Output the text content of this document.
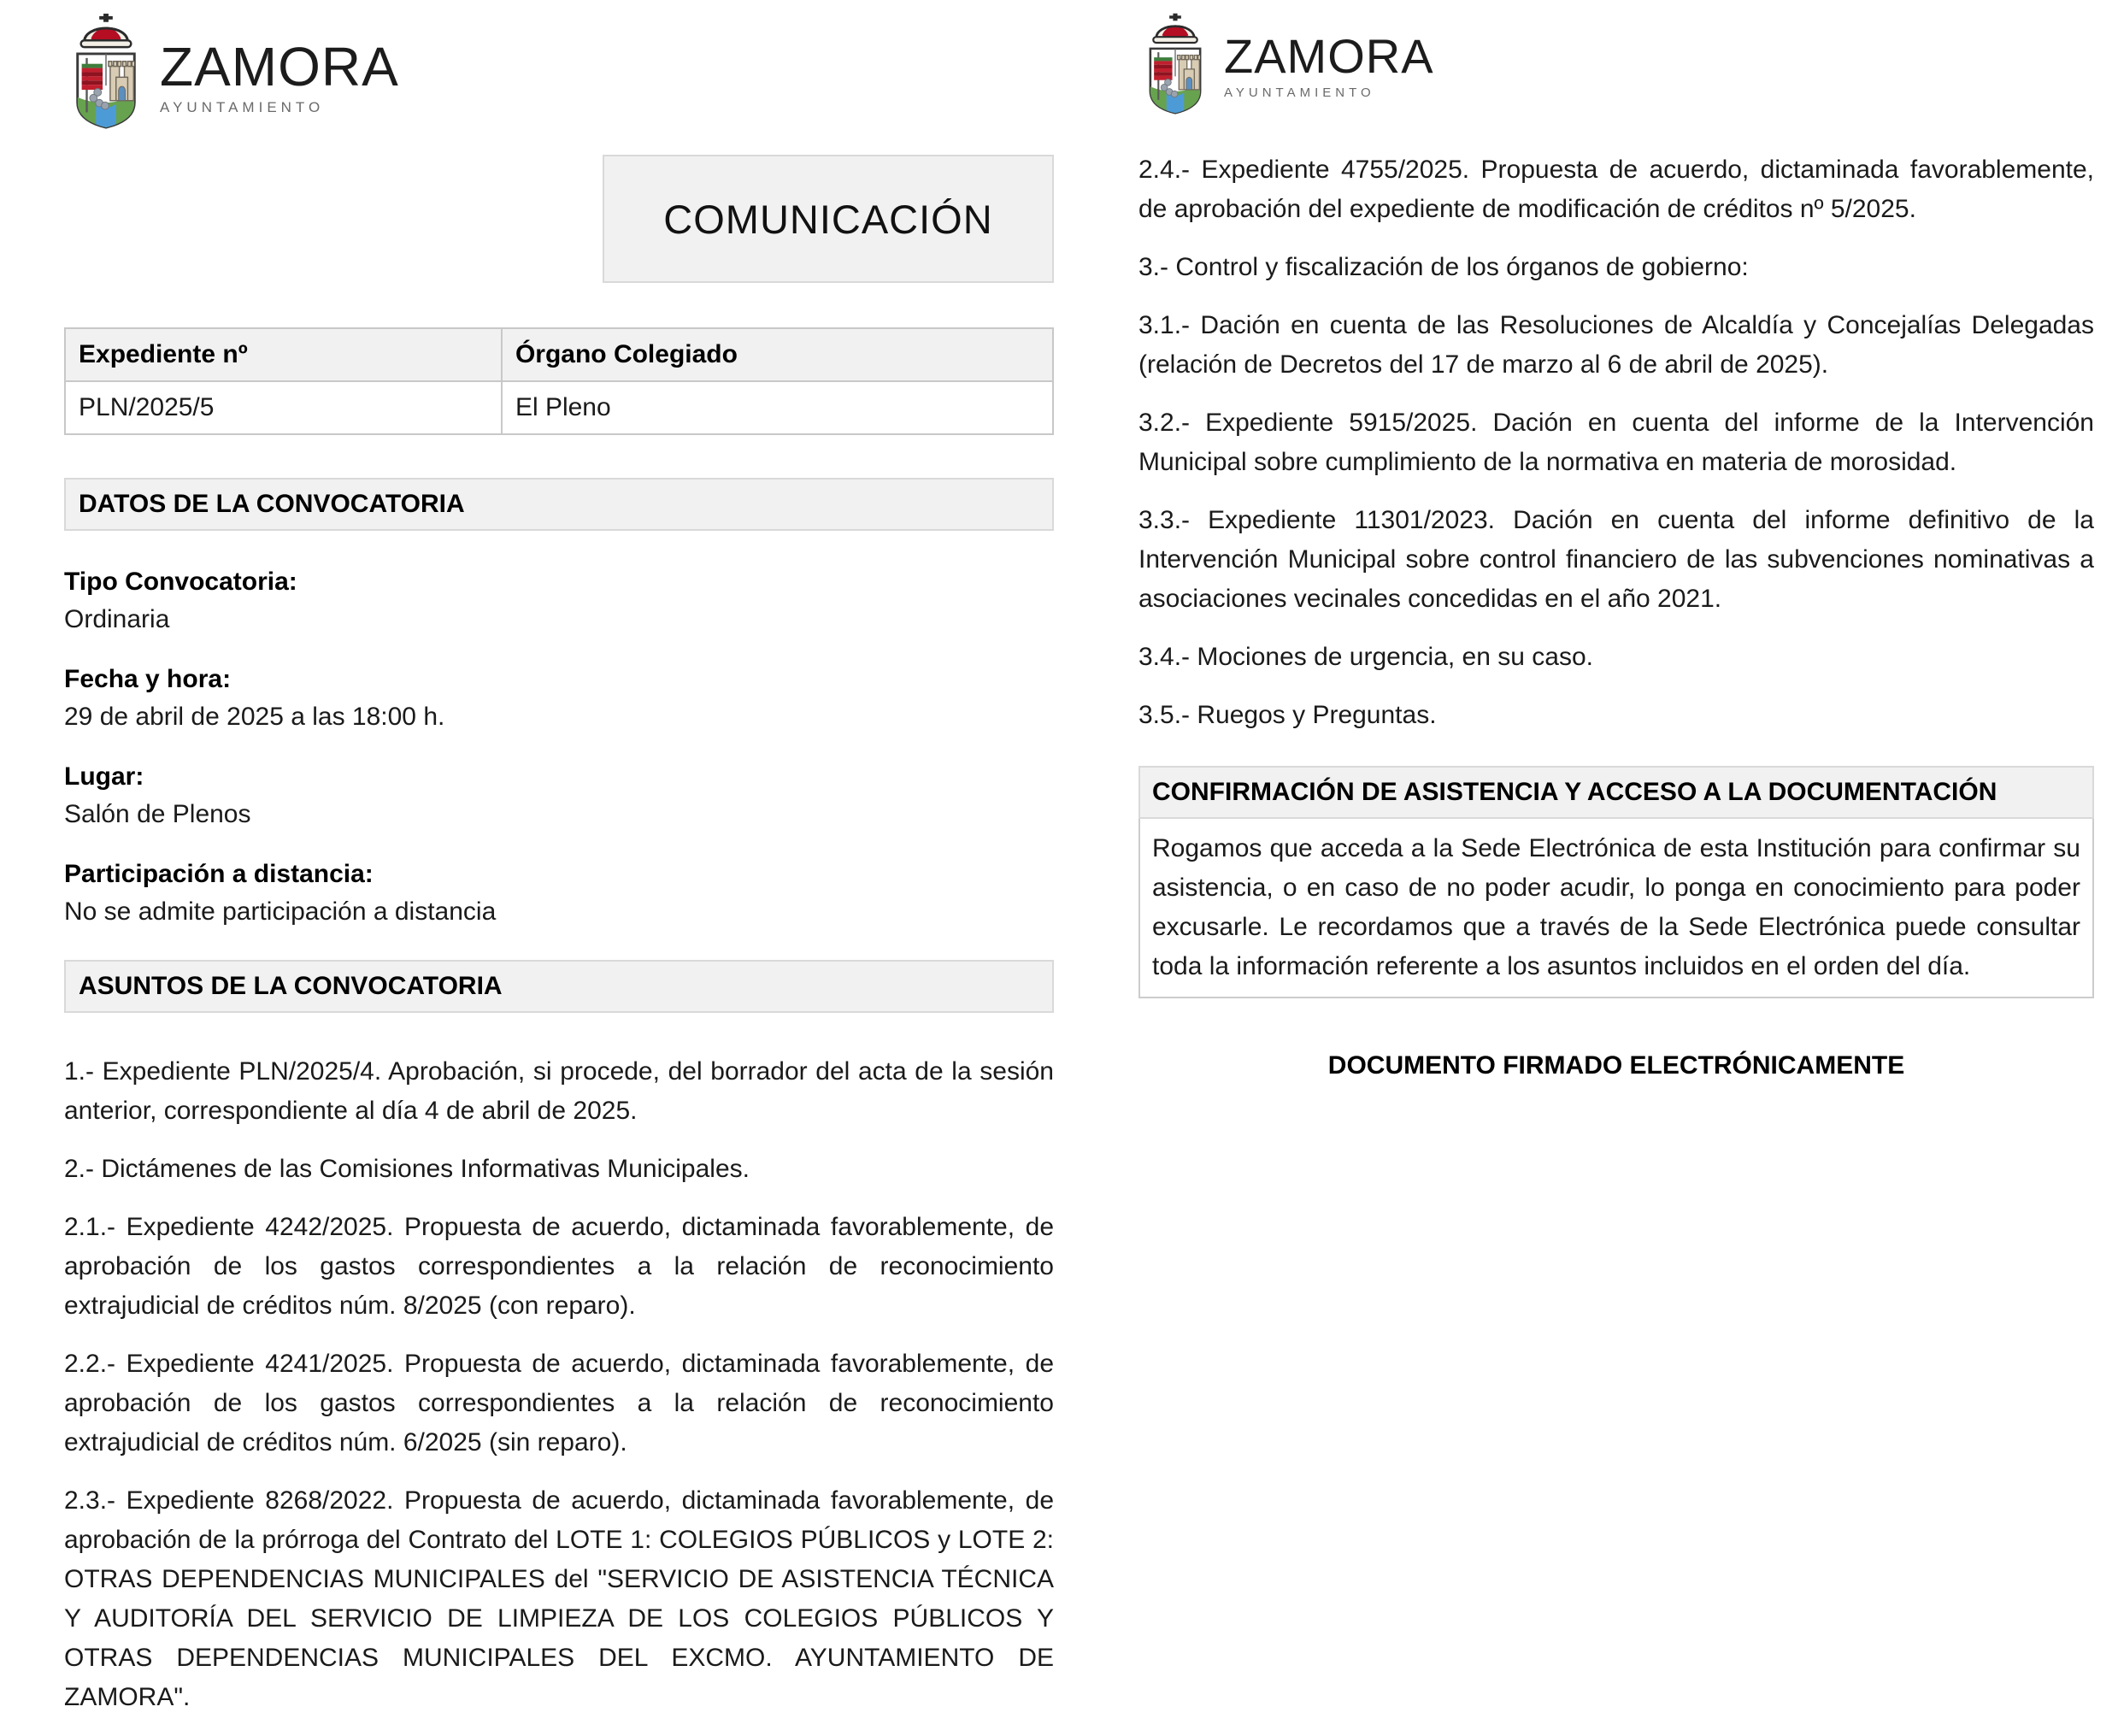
ZAMORA
AYUNTAMIENTO
COMUNICACIÓN
Expediente nº	Órgano Colegiado
PLN/2025/5	El Pleno
DATOS DE LA CONVOCATORIA
Tipo Convocatoria:
Ordinaria
Fecha y hora:
29 de abril de 2025 a las 18:00 h.
Lugar:
Salón de Plenos
Participación a distancia:
No se admite participación a distancia
ASUNTOS DE LA CONVOCATORIA

1.- Expediente PLN/2025/4. Aprobación, si procede, del borrador del acta de la sesión anterior, correspondiente al día 4 de abril de 2025.

2.- Dictámenes de las Comisiones Informativas Municipales.

2.1.- Expediente 4242/2025. Propuesta de acuerdo, dictaminada favorablemente, de aprobación de los gastos correspondientes a la relación de reconocimiento extrajudicial de créditos núm. 8/2025 (con reparo).

2.2.- Expediente 4241/2025. Propuesta de acuerdo, dictaminada favorablemente, de aprobación de los gastos correspondientes a la relación de reconocimiento extrajudicial de créditos núm. 6/2025 (sin reparo).

2.3.- Expediente 8268/2022. Propuesta de acuerdo, dictaminada favorablemente, de aprobación de la prórroga del Contrato del LOTE 1: COLEGIOS PÚBLICOS y LOTE 2: OTRAS DEPENDENCIAS MUNICIPALES del "SERVICIO DE ASISTENCIA TÉCNICA Y AUDITORÍA DEL SERVICIO DE LIMPIEZA DE LOS COLEGIOS PÚBLICOS Y OTRAS DEPENDENCIAS MUNICIPALES DEL EXCMO. AYUNTAMIENTO DE ZAMORA".

ZAMORA
AYUNTAMIENTO

2.4.- Expediente 4755/2025. Propuesta de acuerdo, dictaminada favorablemente, de aprobación del expediente de modificación de créditos nº 5/2025.

3.- Control y fiscalización de los órganos de gobierno:

3.1.- Dación en cuenta de las Resoluciones de Alcaldía y Concejalías Delegadas (relación de Decretos del 17 de marzo al 6 de abril de 2025).

3.2.- Expediente 5915/2025. Dación en cuenta del informe de la Intervención Municipal sobre cumplimiento de la normativa en materia de morosidad.

3.3.- Expediente 11301/2023. Dación en cuenta del informe definitivo de la Intervención Municipal sobre control financiero de las subvenciones nominativas a asociaciones vecinales concedidas en el año 2021.

3.4.- Mociones de urgencia, en su caso.

3.5.- Ruegos y Preguntas.

CONFIRMACIÓN DE ASISTENCIA Y ACCESO A LA DOCUMENTACIÓN
Rogamos que acceda a la Sede Electrónica de esta Institución para confirmar su asistencia, o en caso de no poder acudir, lo ponga en conocimiento para poder excusarle. Le recordamos que a través de la Sede Electrónica puede consultar toda la información referente a los asuntos incluidos en el orden del día.
DOCUMENTO FIRMADO ELECTRÓNICAMENTE
